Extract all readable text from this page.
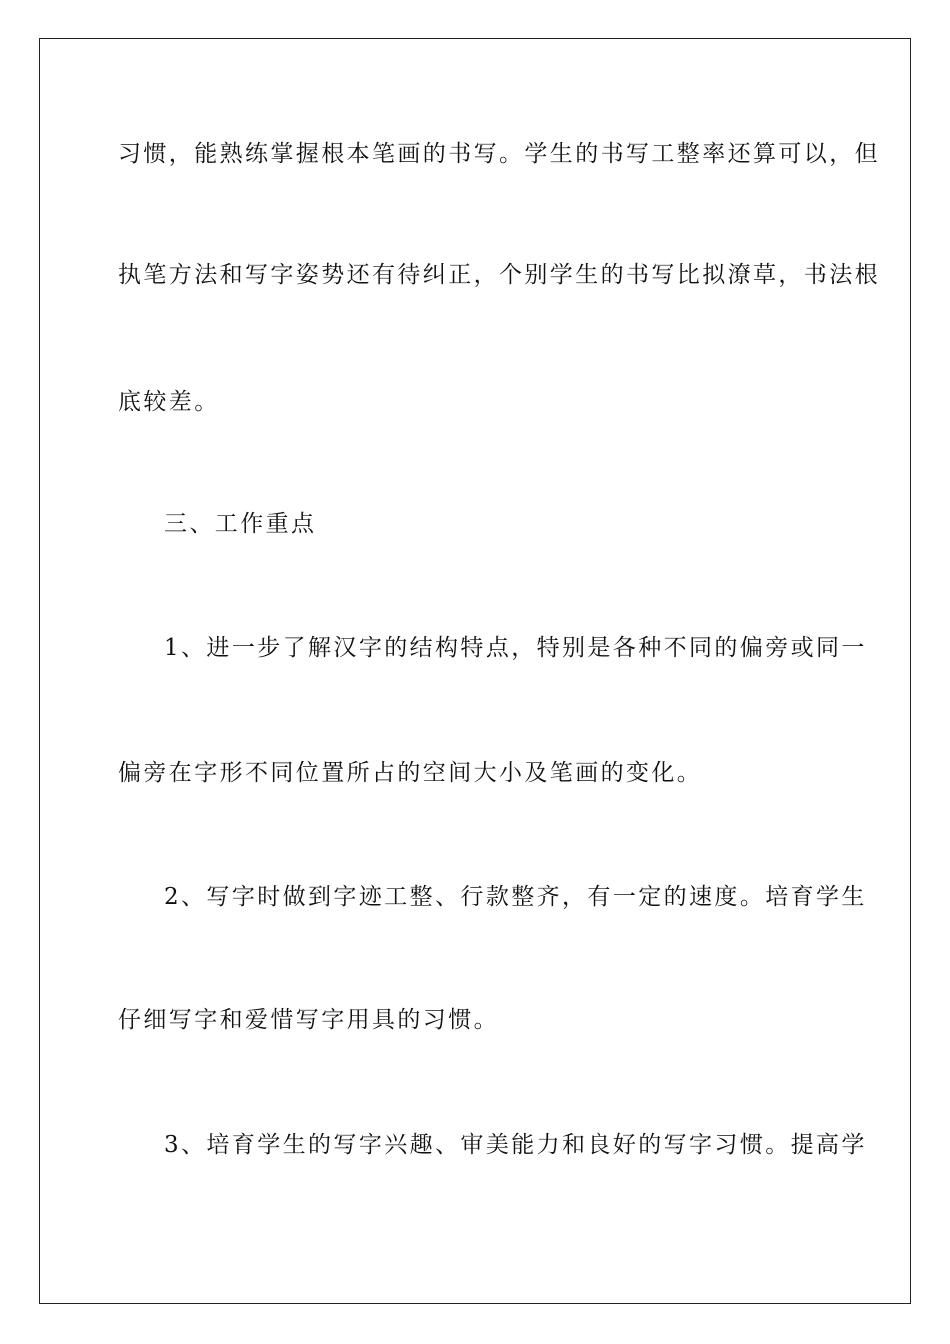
习惯，能熟练掌握根本笔画的书写。学生的书写工整率还算可以，但
执笔方法和写字姿势还有待纠正，个别学生的书写比拟潦草，书法根
底较差。
三、工作重点
1、进一步了解汉字的结构特点，特别是各种不同的偏旁或同一
偏旁在字形不同位置所占的空间大小及笔画的变化。
2、写字时做到字迹工整、行款整齐，有一定的速度。培育学生
仔细写字和爱惜写字用具的习惯。
3、培育学生的写字兴趣、审美能力和良好的写字习惯。提高学
